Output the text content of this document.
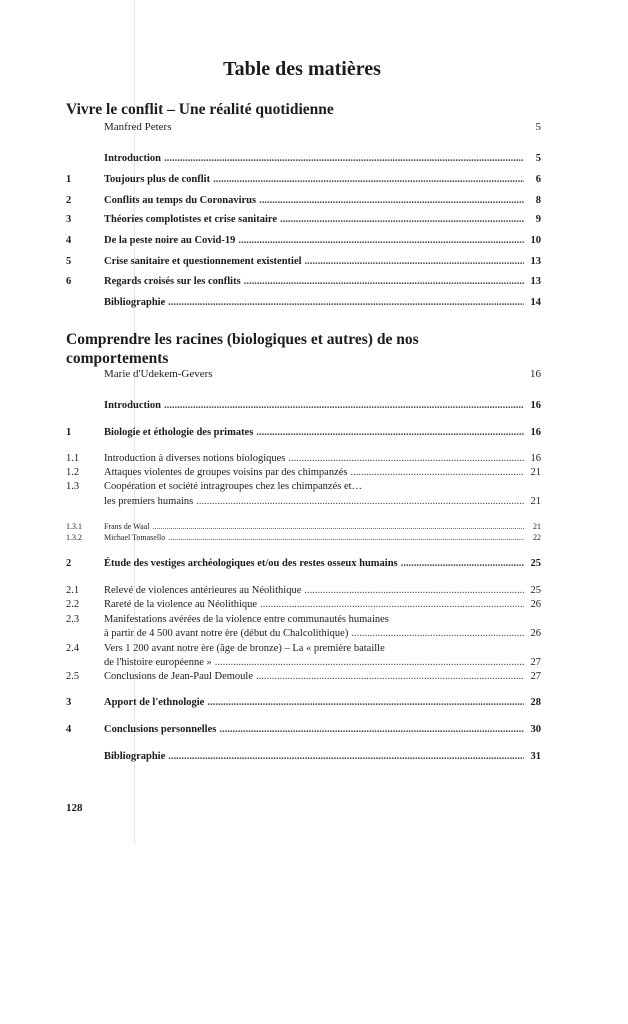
Table des matières
Vivre le conflit – Une réalité quotidienne
Manfred Peters	5
Introduction .....	5
1	Toujours plus de conflit .....	6
2	Conflits au temps du Coronavirus .....	8
3	Théories complotistes et crise sanitaire .....	9
4	De la peste noire au Covid-19 .....	10
5	Crise sanitaire et questionnement existentiel .....	13
6	Regards croisés sur les conflits .....	13
Bibliographie .....	14
Comprendre les racines (biologiques et autres) de nos
comportements
Marie d'Udekem-Gevers	16
Introduction .....	16
1	Biologie et éthologie des primates .....	16
1.1 Introduction à diverses notions biologiques .....	16
1.2 Attaques violentes de groupes voisins par des chimpanzés .....	21
1.3 Coopération et société intragroupes chez les chimpanzés et…
les premiers humains .....	21
1.3.1	Frans de Waal .....	21
1.3.2	Michael Tomasello .....	22
2	Étude des vestiges archéologiques et/ou des restes osseux humains .....	25
2.1 Relevé de violences antérieures au Néolithique .....	25
2.2 Rareté de la violence au Néolithique .....	26
2.3 Manifestations avérées de la violence entre communautés humaines
à partir de 4 500 avant notre ère (début du Chalcolithique) .....	26
2.4 Vers 1 200 avant notre ère (âge de bronze) – La « première bataille
de l'histoire européenne » .....	27
2.5 Conclusions de Jean-Paul Demoule .....	27
3	Apport de l'ethnologie .....	28
4	Conclusions personnelles .....	30
Bibliographie .....	31
128
